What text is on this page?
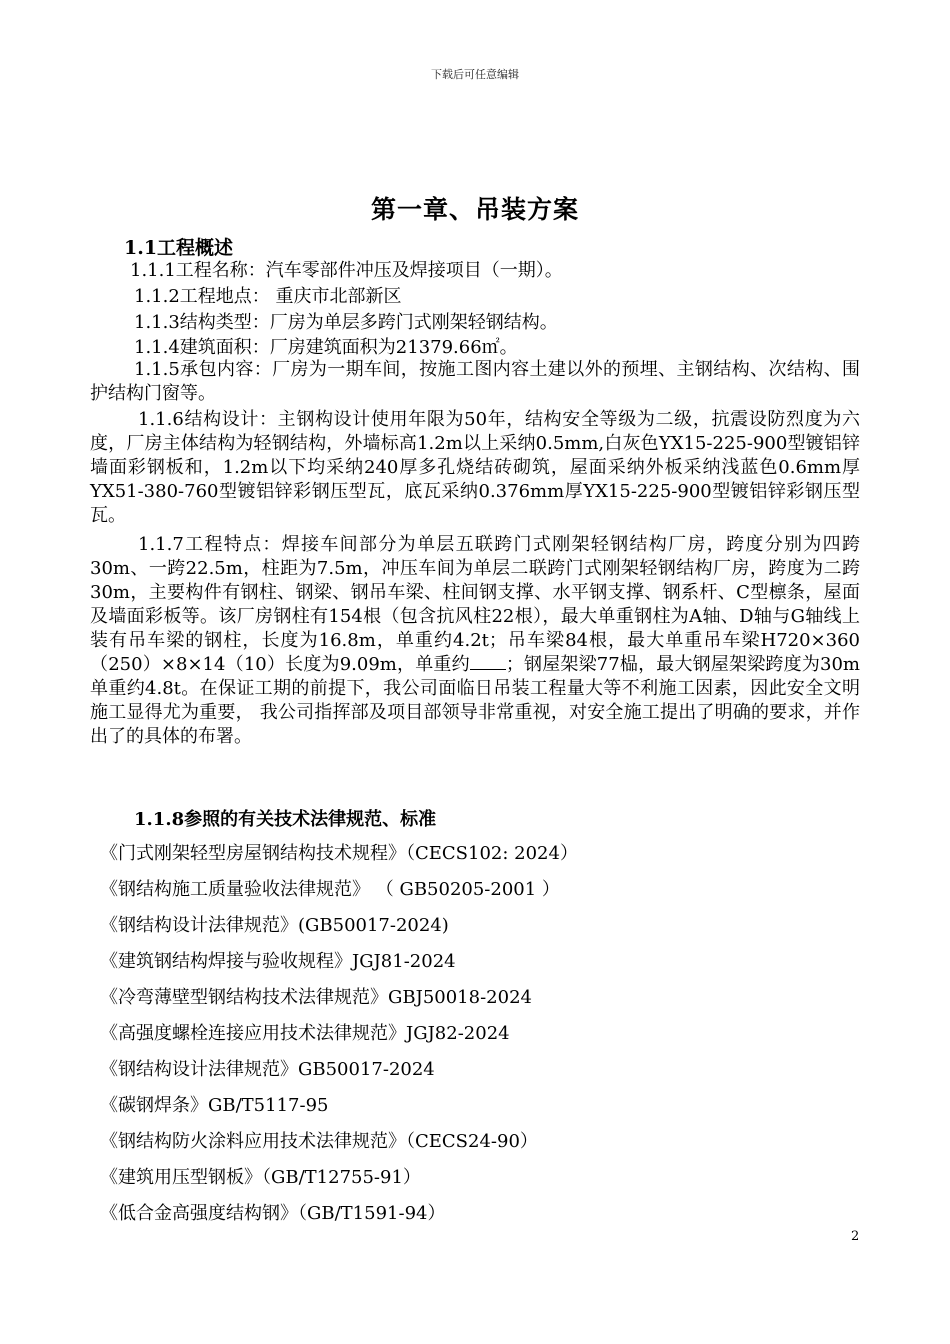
下载后可任意编辑
第一章、吊装方案
1.1工程概述
1.1.1工程名称：汽车零部件冲压及焊接项目（一期）。
1.1.2工程地点： 重庆市北部新区
1.1.3结构类型：厂房为单层多跨门式刚架轻钢结构。
1.1.4建筑面积：厂房建筑面积为21379.66㎡。
1.1.5承包内容：厂房为一期车间，按施工图内容土建以外的预埋、主钢结构、次结构、围护结构门窗等。
1.1.6结构设计：主钢构设计使用年限为50年，结构安全等级为二级，抗震设防烈度为六度，厂房主体结构为轻钢结构，外墙标高1.2m以上采纳0.5mm,白灰色YX15-225-900型镀铝锌墙面彩钢板和，1.2m以下均采纳240厚多孔烧结砖砌筑，屋面采纳外板采纳浅蓝色0.6mm厚YX51-380-760型镀铝锌彩钢压型瓦，底瓦采纳0.376mm厚YX15-225-900型镀铝锌彩钢压型瓦。
1.1.7工程特点：焊接车间部分为单层五联跨门式刚架轻钢结构厂房，跨度分别为四跨30m、一跨22.5m，柱距为7.5m，冲压车间为单层二联跨门式刚架轻钢结构厂房，跨度为二跨30m，主要构件有钢柱、钢梁、钢吊车梁、柱间钢支撑、水平钢支撑、钢系杆、C型檩条，屋面及墙面彩板等。该厂房钢柱有154根（包含抗风柱22根），最大单重钢柱为A轴、D轴与G轴线上装有吊车梁的钢柱，长度为16.8m，单重约4.2t；吊车梁84根，最大单重吊车梁H720×360（250）×8×14（10）长度为9.09m，单重约 ；钢屋架梁77榀，最大钢屋架梁跨度为30m单重约4.8t。在保证工期的前提下，我公司面临日吊装工程量大等不利施工因素，因此安全文明施工显得尤为重要， 我公司指挥部及项目部领导非常重视，对安全施工提出了明确的要求，并作出了的具体的布署。
1.1.8参照的有关技术法律规范、标准
《门式刚架轻型房屋钢结构技术规程》（CECS102: 2024）
《钢结构施工质量验收法律规范》 （ GB50205-2001 ）
《钢结构设计法律规范》(GB50017-2024)
《建筑钢结构焊接与验收规程》JGJ81-2024
《冷弯薄壁型钢结构技术法律规范》GBJ50018-2024
《高强度螺栓连接应用技术法律规范》JGJ82-2024
《钢结构设计法律规范》GB50017-2024
《碳钢焊条》GB/T5117-95
《钢结构防火涂料应用技术法律规范》（CECS24-90）
《建筑用压型钢板》（GB/T12755-91）
《低合金高强度结构钢》（GB/T1591-94）
2
